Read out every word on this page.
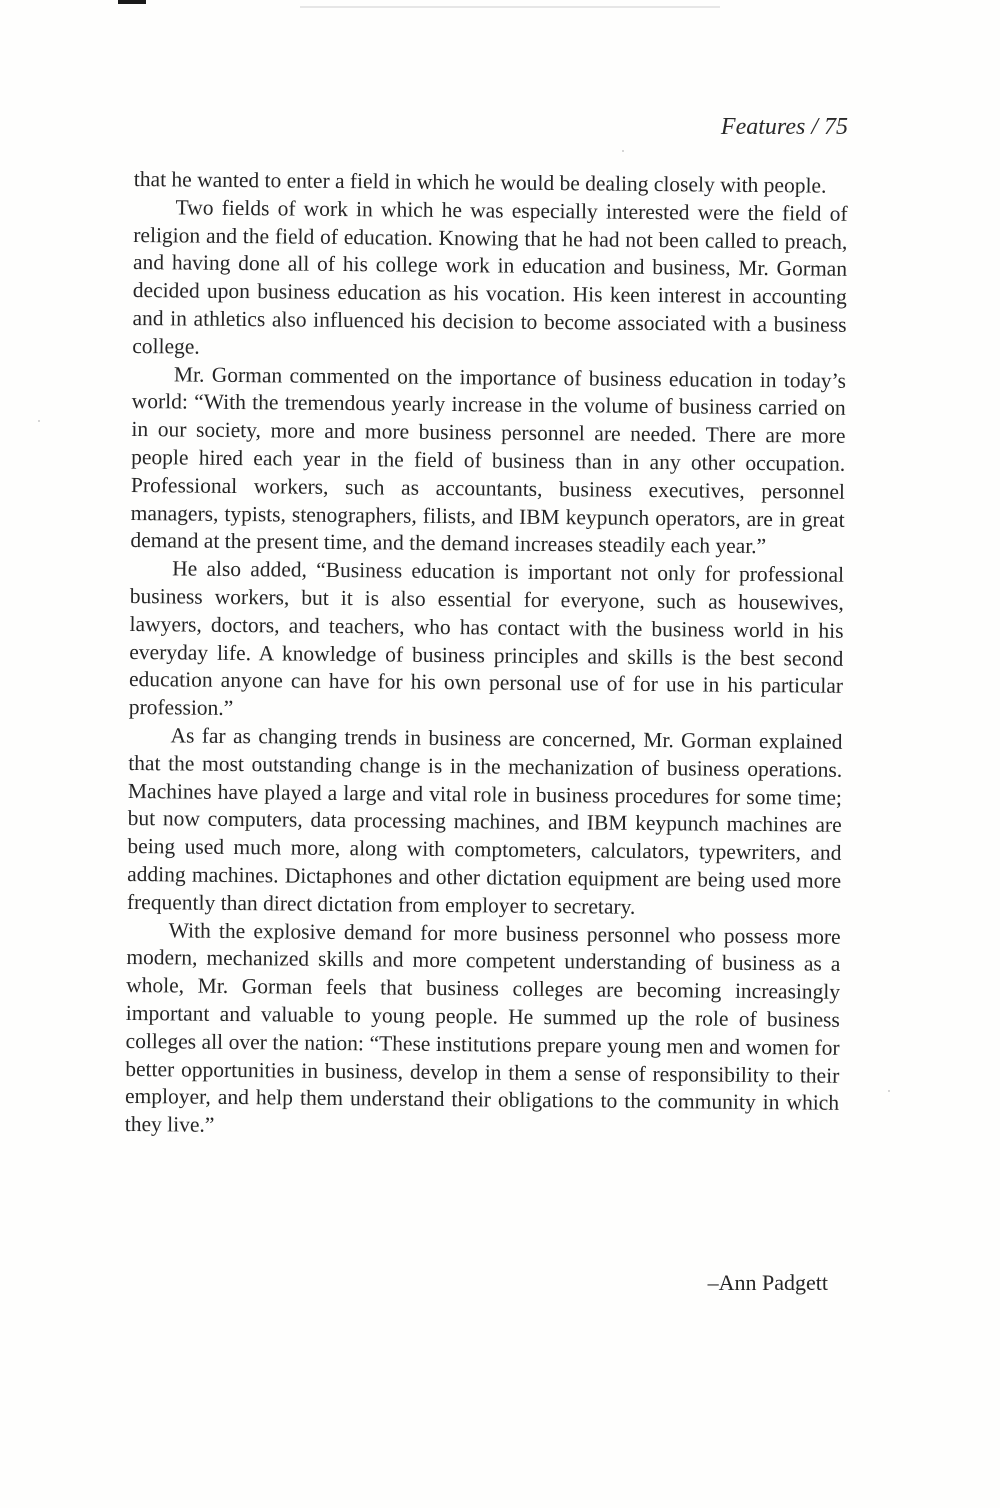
Features / 75

that he wanted to enter a field in which he would be dealing closely with people.

Two fields of work in which he was especially interested were the field of religion and the field of education. Knowing that he had not been called to preach, and having done all of his college work in education and business, Mr. Gorman decided upon business education as his vocation. His keen interest in accounting and in athletics also influenced his decision to become associated with a business college.

Mr. Gorman commented on the importance of business education in today’s world: “With the tremendous yearly increase in the volume of business carried on in our society, more and more business personnel are needed. There are more people hired each year in the field of business than in any other occupation. Professional workers, such as accountants, business executives, personnel managers, typists, stenographers, filists, and IBM keypunch operators, are in great demand at the present time, and the demand increases steadily each year.”

He also added, “Business education is important not only for professional business workers, but it is also essential for everyone, such as housewives, lawyers, doctors, and teachers, who has contact with the business world in his everyday life. A knowledge of business principles and skills is the best second education anyone can have for his own personal use of for use in his particular profession.”

As far as changing trends in business are concerned, Mr. Gorman explained that the most outstanding change is in the mechanization of business operations. Machines have played a large and vital role in business procedures for some time; but now computers, data processing machines, and IBM keypunch machines are being used much more, along with comptometers, calculators, typewriters, and adding machines. Dictaphones and other dictation equipment are being used more frequently than direct dictation from employer to secretary.

With the explosive demand for more business personnel who possess more modern, mechanized skills and more competent understanding of business as a whole, Mr. Gorman feels that business colleges are becoming increasingly important and valuable to young people. He summed up the role of business colleges all over the nation: “These institutions prepare young men and women for better opportunities in business, develop in them a sense of responsibility to their employer, and help them understand their obligations to the community in which they live.”

–Ann Padgett
